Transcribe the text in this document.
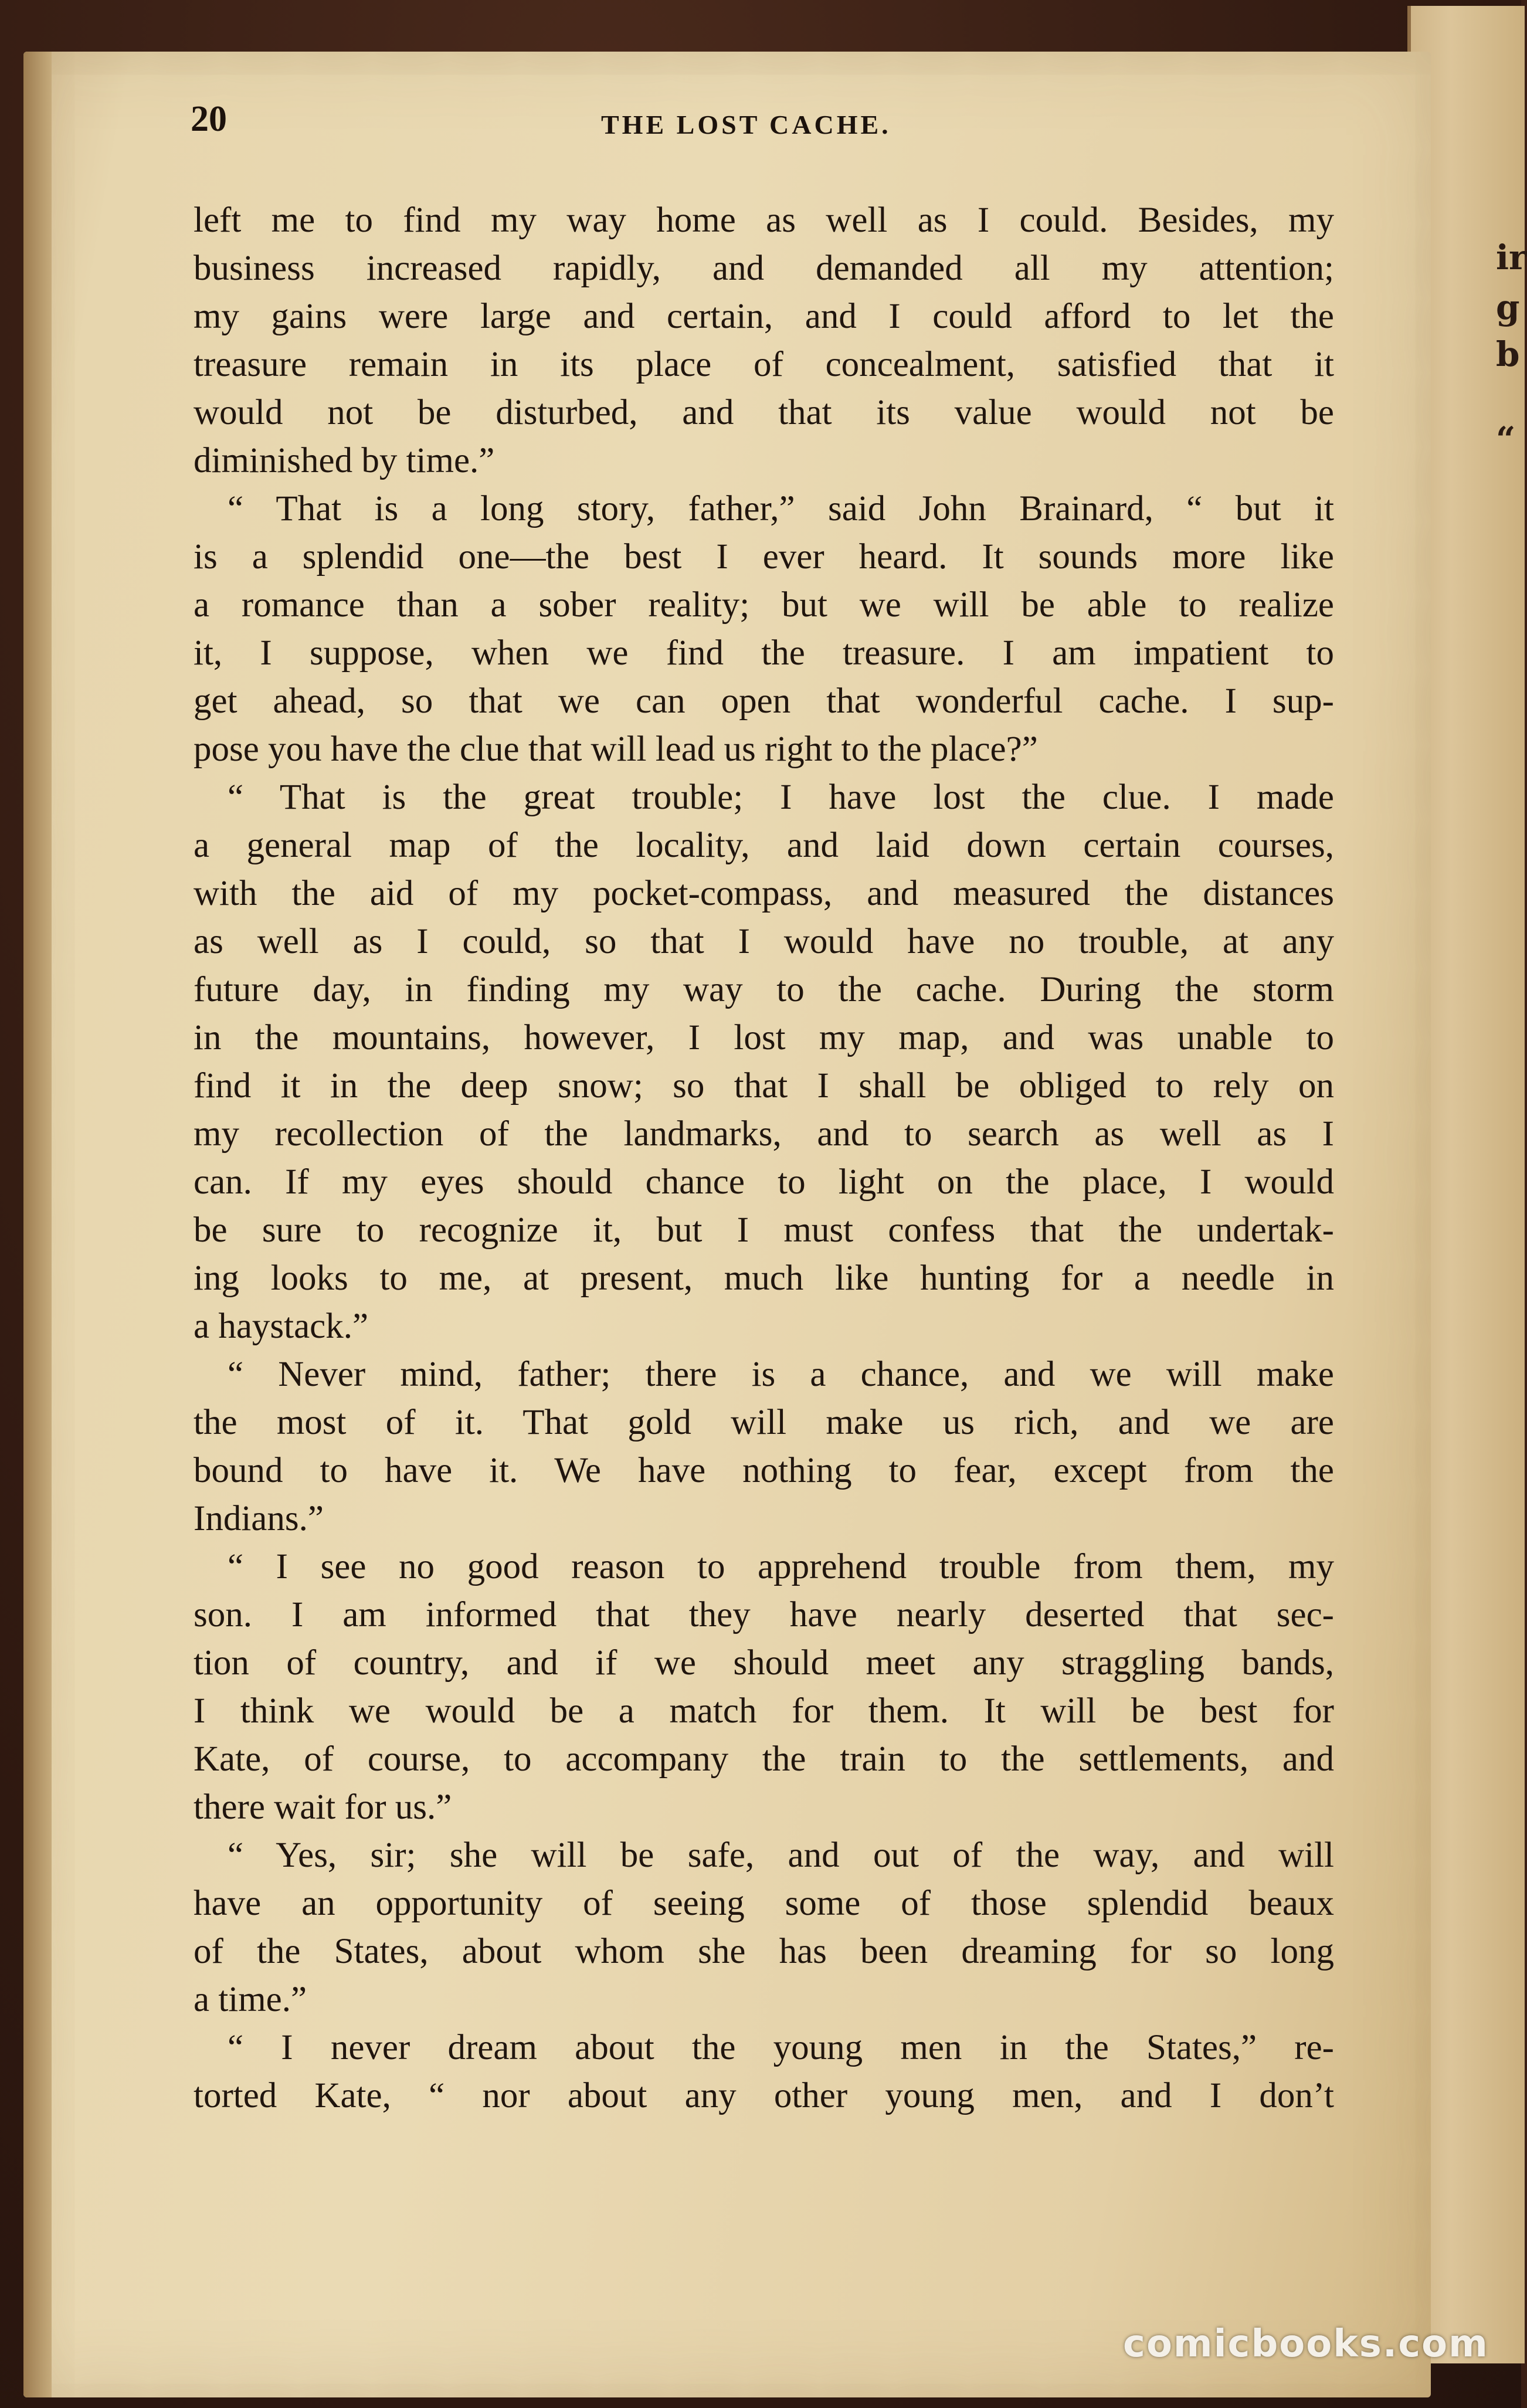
ir
g
b
“
20	THE LOST CACHE.
left me to find my way home as well as I could. Besides, my
business increased rapidly, and demanded all my attention;
my gains were large and certain, and I could afford to let the
treasure remain in its place of concealment, satisfied that it
would not be disturbed, and that its value would not be
diminished by time.”
“ That is a long story, father,” said John Brainard, “ but it
is a splendid one—the best I ever heard. It sounds more like
a romance than a sober reality; but we will be able to realize
it, I suppose, when we find the treasure. I am impatient to
get ahead, so that we can open that wonderful cache. I sup-
pose you have the clue that will lead us right to the place?”
“ That is the great trouble; I have lost the clue. I made
a general map of the locality, and laid down certain courses,
with the aid of my pocket-compass, and measured the distances
as well as I could, so that I would have no trouble, at any
future day, in finding my way to the cache. During the storm
in the mountains, however, I lost my map, and was unable to
find it in the deep snow; so that I shall be obliged to rely on
my recollection of the landmarks, and to search as well as I
can. If my eyes should chance to light on the place, I would
be sure to recognize it, but I must confess that the undertak-
ing looks to me, at present, much like hunting for a needle in
a haystack.”
“ Never mind, father; there is a chance, and we will make
the most of it. That gold will make us rich, and we are
bound to have it. We have nothing to fear, except from the
Indians.”
“ I see no good reason to apprehend trouble from them, my
son. I am informed that they have nearly deserted that sec-
tion of country, and if we should meet any straggling bands,
I think we would be a match for them. It will be best for
Kate, of course, to accompany the train to the settlements, and
there wait for us.”
“ Yes, sir; she will be safe, and out of the way, and will
have an opportunity of seeing some of those splendid beaux
of the States, about whom she has been dreaming for so long
a time.”
“ I never dream about the young men in the States,” re-
torted Kate, “ nor about any other young men, and I don’t
comicbooks.com
